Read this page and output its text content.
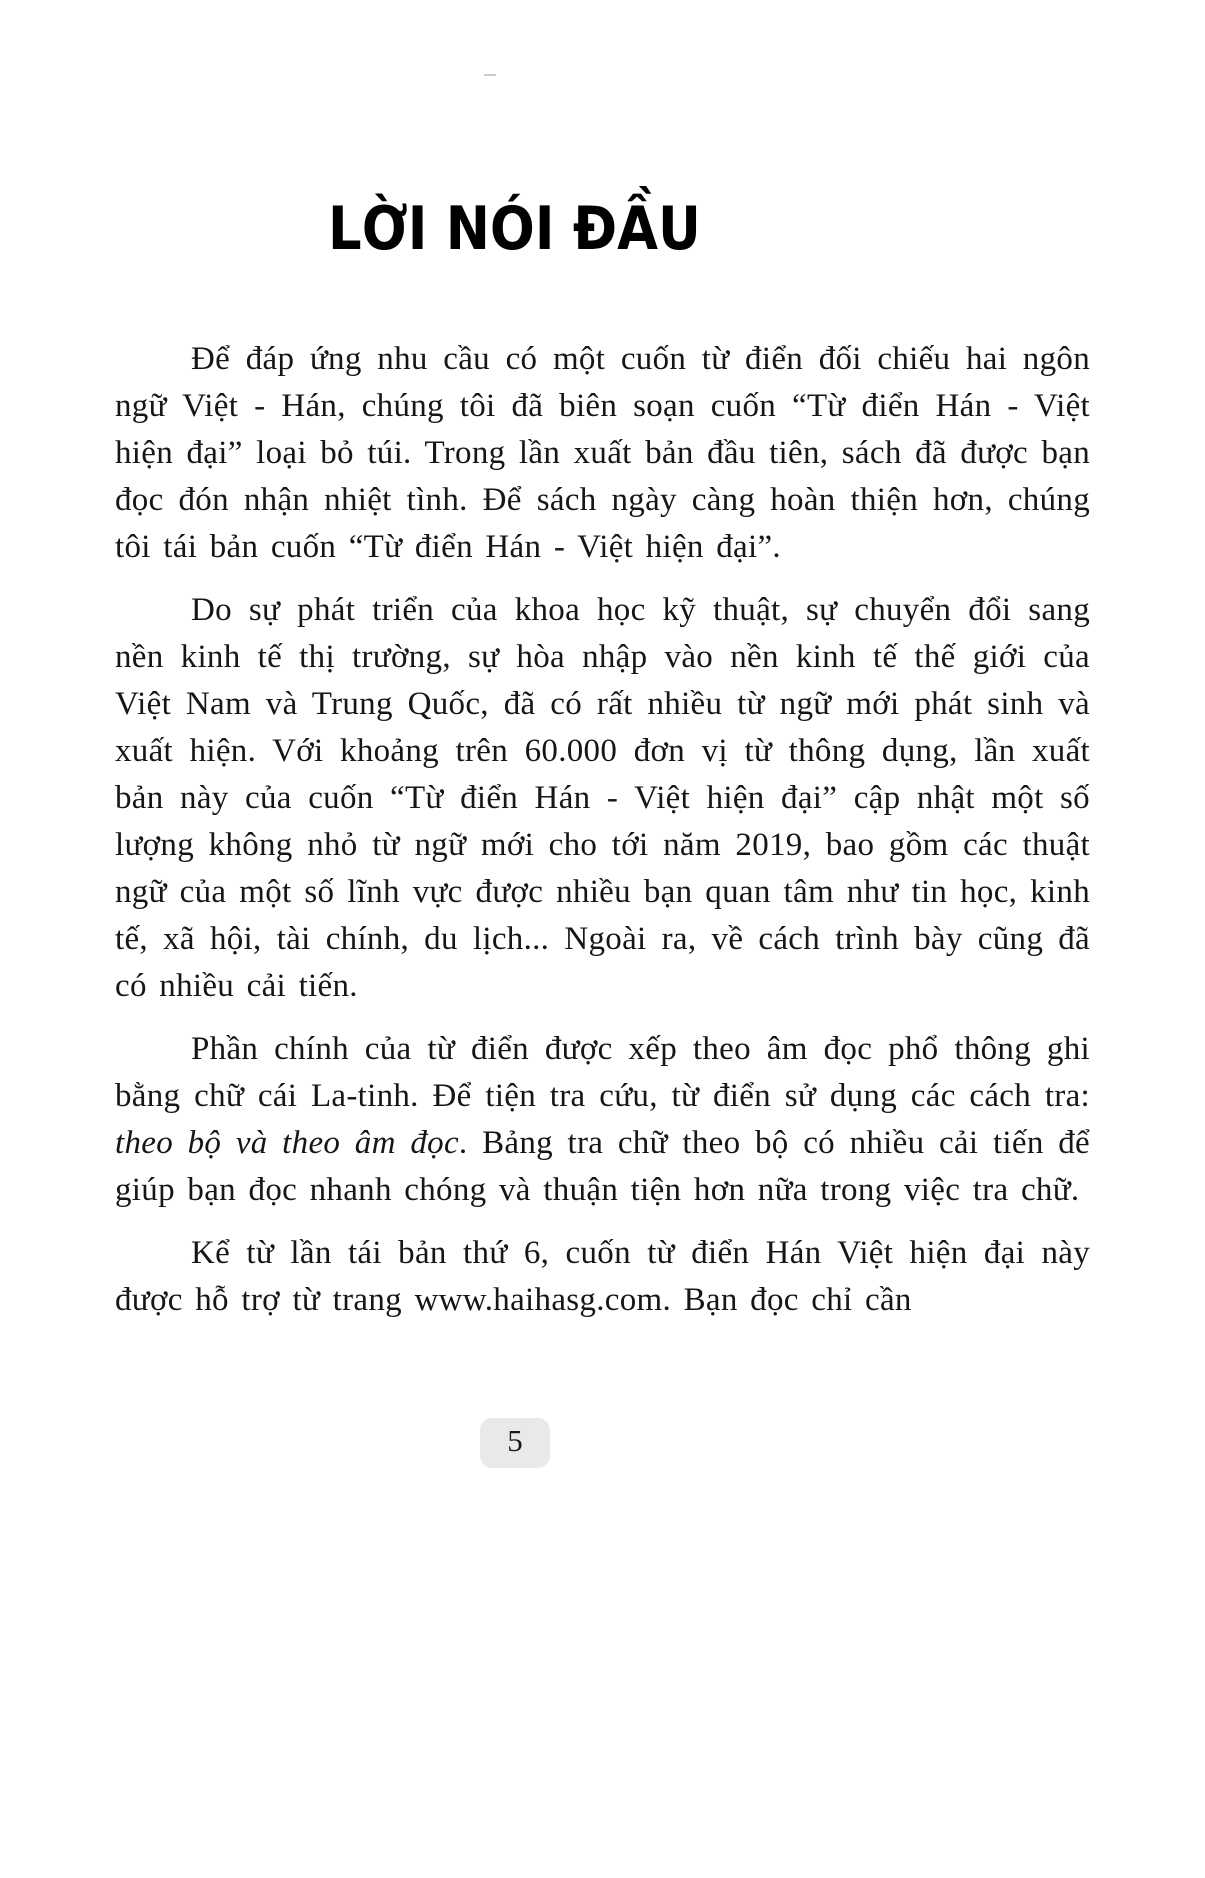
LỜI NÓI ĐẦU

Để đáp ứng nhu cầu có một cuốn từ điển đối chiếu hai ngôn ngữ Việt - Hán, chúng tôi đã biên soạn cuốn “Từ điển Hán - Việt hiện đại” loại bỏ túi. Trong lần xuất bản đầu tiên, sách đã được bạn đọc đón nhận nhiệt tình. Để sách ngày càng hoàn thiện hơn, chúng tôi tái bản cuốn “Từ điển Hán - Việt hiện đại”.

Do sự phát triển của khoa học kỹ thuật, sự chuyển đổi sang nền kinh tế thị trường, sự hòa nhập vào nền kinh tế thế giới của Việt Nam và Trung Quốc, đã có rất nhiều từ ngữ mới phát sinh và xuất hiện. Với khoảng trên 60.000 đơn vị từ thông dụng, lần xuất bản này của cuốn “Từ điển Hán - Việt hiện đại” cập nhật một số lượng không nhỏ từ ngữ mới cho tới năm 2019, bao gồm các thuật ngữ của một số lĩnh vực được nhiều bạn quan tâm như tin học, kinh tế, xã hội, tài chính, du lịch... Ngoài ra, về cách trình bày cũng đã có nhiều cải tiến.

Phần chính của từ điển được xếp theo âm đọc phổ thông ghi bằng chữ cái La-tinh. Để tiện tra cứu, từ điển sử dụng các cách tra: theo bộ và theo âm đọc. Bảng tra chữ theo bộ có nhiều cải tiến để giúp bạn đọc nhanh chóng và thuận tiện hơn nữa trong việc tra chữ.

Kể từ lần tái bản thứ 6, cuốn từ điển Hán Việt hiện đại này được hỗ trợ từ trang www.haihasg.com. Bạn đọc chỉ cần

5
